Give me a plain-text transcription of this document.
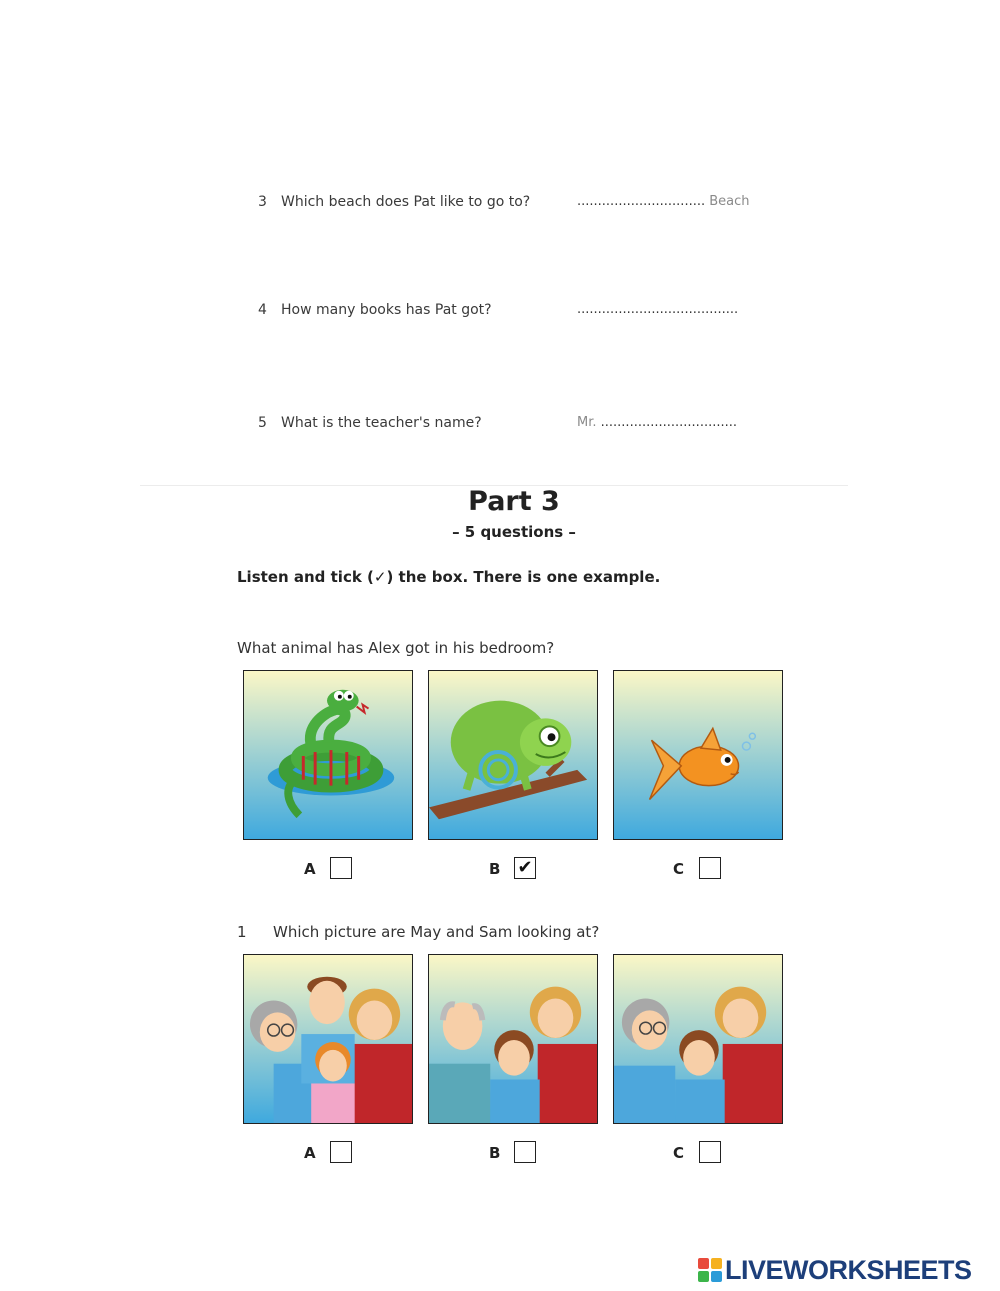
3 Which beach does Pat like to go to?	............................... Beach
4 How many books has Pat got?	.......................................
5 What is the teacher's name?	Mr. .................................
Part 3
– 5 questions –
Listen and tick (✓) the box. There is one example.
What animal has Alex got in his bedroom?
A	B ✔	C
1 Which picture are May and Sam looking at?
A	B	C
LIVEWORKSHEETS
